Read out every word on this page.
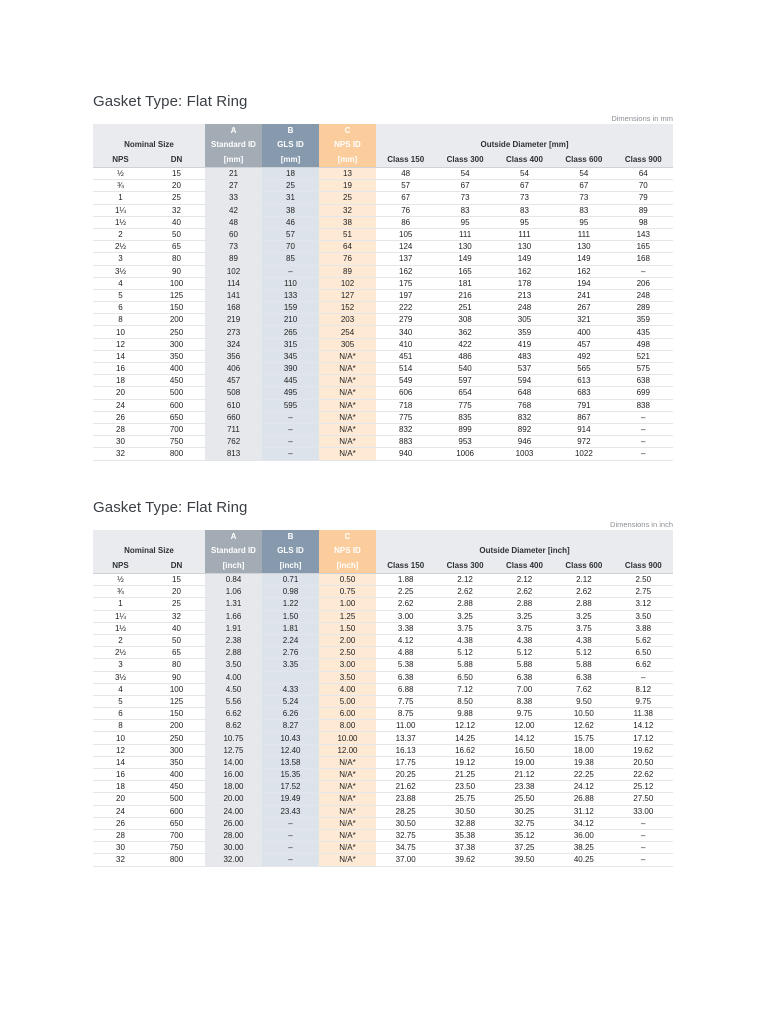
Gasket Type: Flat Ring
Dimensions in mm
		A	B	C					
Nominal Size		Standard ID	GLS ID	NPS ID	Outside Diameter [mm]				
NPS	DN	[mm]	[mm]	[mm]	Class 150	Class 300	Class 400	Class 600	Class 900
½	15	21	18	13	48	54	54	54	64
¾	20	27	25	19	57	67	67	67	70
1	25	33	31	25	67	73	73	73	79
1¼	32	42	38	32	76	83	83	83	89
1½	40	48	46	38	86	95	95	95	98
2	50	60	57	51	105	111	111	111	143
2½	65	73	70	64	124	130	130	130	165
3	80	89	85	76	137	149	149	149	168
3½	90	102	–	89	162	165	162	162	–
4	100	114	110	102	175	181	178	194	206
5	125	141	133	127	197	216	213	241	248
6	150	168	159	152	222	251	248	267	289
8	200	219	210	203	279	308	305	321	359
10	250	273	265	254	340	362	359	400	435
12	300	324	315	305	410	422	419	457	498
14	350	356	345	N/A*	451	486	483	492	521
16	400	406	390	N/A*	514	540	537	565	575
18	450	457	445	N/A*	549	597	594	613	638
20	500	508	495	N/A*	606	654	648	683	699
24	600	610	595	N/A*	718	775	768	791	838
26	650	660	–	N/A*	775	835	832	867	–
28	700	711	–	N/A*	832	899	892	914	–
30	750	762	–	N/A*	883	953	946	972	–
32	800	813	–	N/A*	940	1006	1003	1022	–
Gasket Type: Flat Ring
Dimensions in inch
		A	B	C					
Nominal Size		Standard ID	GLS ID	NPS ID	Outside Diameter [inch]				
NPS	DN	[inch]	[inch]	[inch]	Class 150	Class 300	Class 400	Class 600	Class 900
½	15	0.84	0.71	0.50	1.88	2.12	2.12	2.12	2.50
¾	20	1.06	0.98	0.75	2.25	2.62	2.62	2.62	2.75
1	25	1.31	1.22	1.00	2.62	2.88	2.88	2.88	3.12
1¼	32	1.66	1.50	1.25	3.00	3.25	3.25	3.25	3.50
1½	40	1.91	1.81	1.50	3.38	3.75	3.75	3.75	3.88
2	50	2.38	2.24	2.00	4.12	4.38	4.38	4.38	5.62
2½	65	2.88	2.76	2.50	4.88	5.12	5.12	5.12	6.50
3	80	3.50	3.35	3.00	5.38	5.88	5.88	5.88	6.62
3½	90	4.00		3.50	6.38	6.50	6.38	6.38	–
4	100	4.50	4.33	4.00	6.88	7.12	7.00	7.62	8.12
5	125	5.56	5.24	5.00	7.75	8.50	8.38	9.50	9.75
6	150	6.62	6.26	6.00	8.75	9.88	9.75	10.50	11.38
8	200	8.62	8.27	8.00	11.00	12.12	12.00	12.62	14.12
10	250	10.75	10.43	10.00	13.37	14.25	14.12	15.75	17.12
12	300	12.75	12.40	12.00	16.13	16.62	16.50	18.00	19.62
14	350	14.00	13.58	N/A*	17.75	19.12	19.00	19.38	20.50
16	400	16.00	15.35	N/A*	20.25	21.25	21.12	22.25	22.62
18	450	18.00	17.52	N/A*	21.62	23.50	23.38	24.12	25.12
20	500	20.00	19.49	N/A*	23.88	25.75	25.50	26.88	27.50
24	600	24.00	23.43	N/A*	28.25	30.50	30.25	31.12	33.00
26	650	26.00	–	N/A*	30.50	32.88	32.75	34.12	–
28	700	28.00	–	N/A*	32.75	35.38	35.12	36.00	–
30	750	30.00	–	N/A*	34.75	37.38	37.25	38.25	–
32	800	32.00	–	N/A*	37.00	39.62	39.50	40.25	–
